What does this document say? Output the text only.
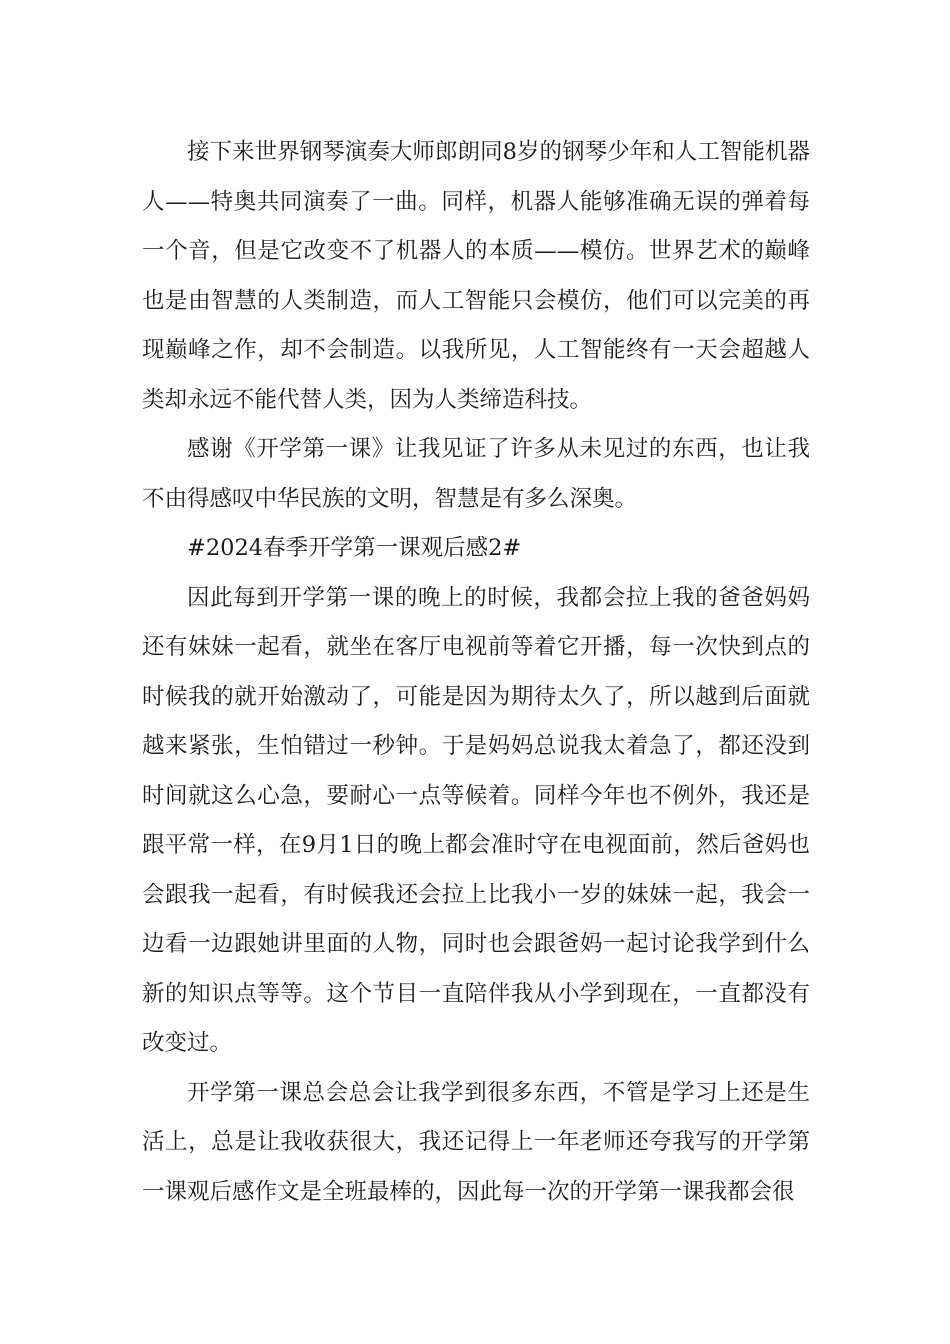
接下来世界钢琴演奏大师郎朗同8岁的钢琴少年和人工智能机器人——特奥共同演奏了一曲。同样，机器人能够准确无误的弹着每一个音，但是它改变不了机器人的本质——模仿。世界艺术的巅峰也是由智慧的人类制造，而人工智能只会模仿，他们可以完美的再现巅峰之作，却不会制造。以我所见，人工智能终有一天会超越人类却永远不能代替人类，因为人类缔造科技。

感谢《开学第一课》让我见证了许多从未见过的东西，也让我不由得感叹中华民族的文明，智慧是有多么深奥。

#2024春季开学第一课观后感2#

因此每到开学第一课的晚上的时候，我都会拉上我的爸爸妈妈还有妹妹一起看，就坐在客厅电视前等着它开播，每一次快到点的时候我的就开始激动了，可能是因为期待太久了，所以越到后面就越来紧张，生怕错过一秒钟。于是妈妈总说我太着急了，都还没到时间就这么心急，要耐心一点等候着。同样今年也不例外，我还是跟平常一样，在9月1日的晚上都会准时守在电视面前，然后爸妈也会跟我一起看，有时候我还会拉上比我小一岁的妹妹一起，我会一边看一边跟她讲里面的人物，同时也会跟爸妈一起讨论我学到什么新的知识点等等。这个节目一直陪伴我从小学到现在，一直都没有改变过。

开学第一课总会总会让我学到很多东西，不管是学习上还是生活上，总是让我收获很大，我还记得上一年老师还夸我写的开学第一课观后感作文是全班最棒的，因此每一次的开学第一课我都会很
